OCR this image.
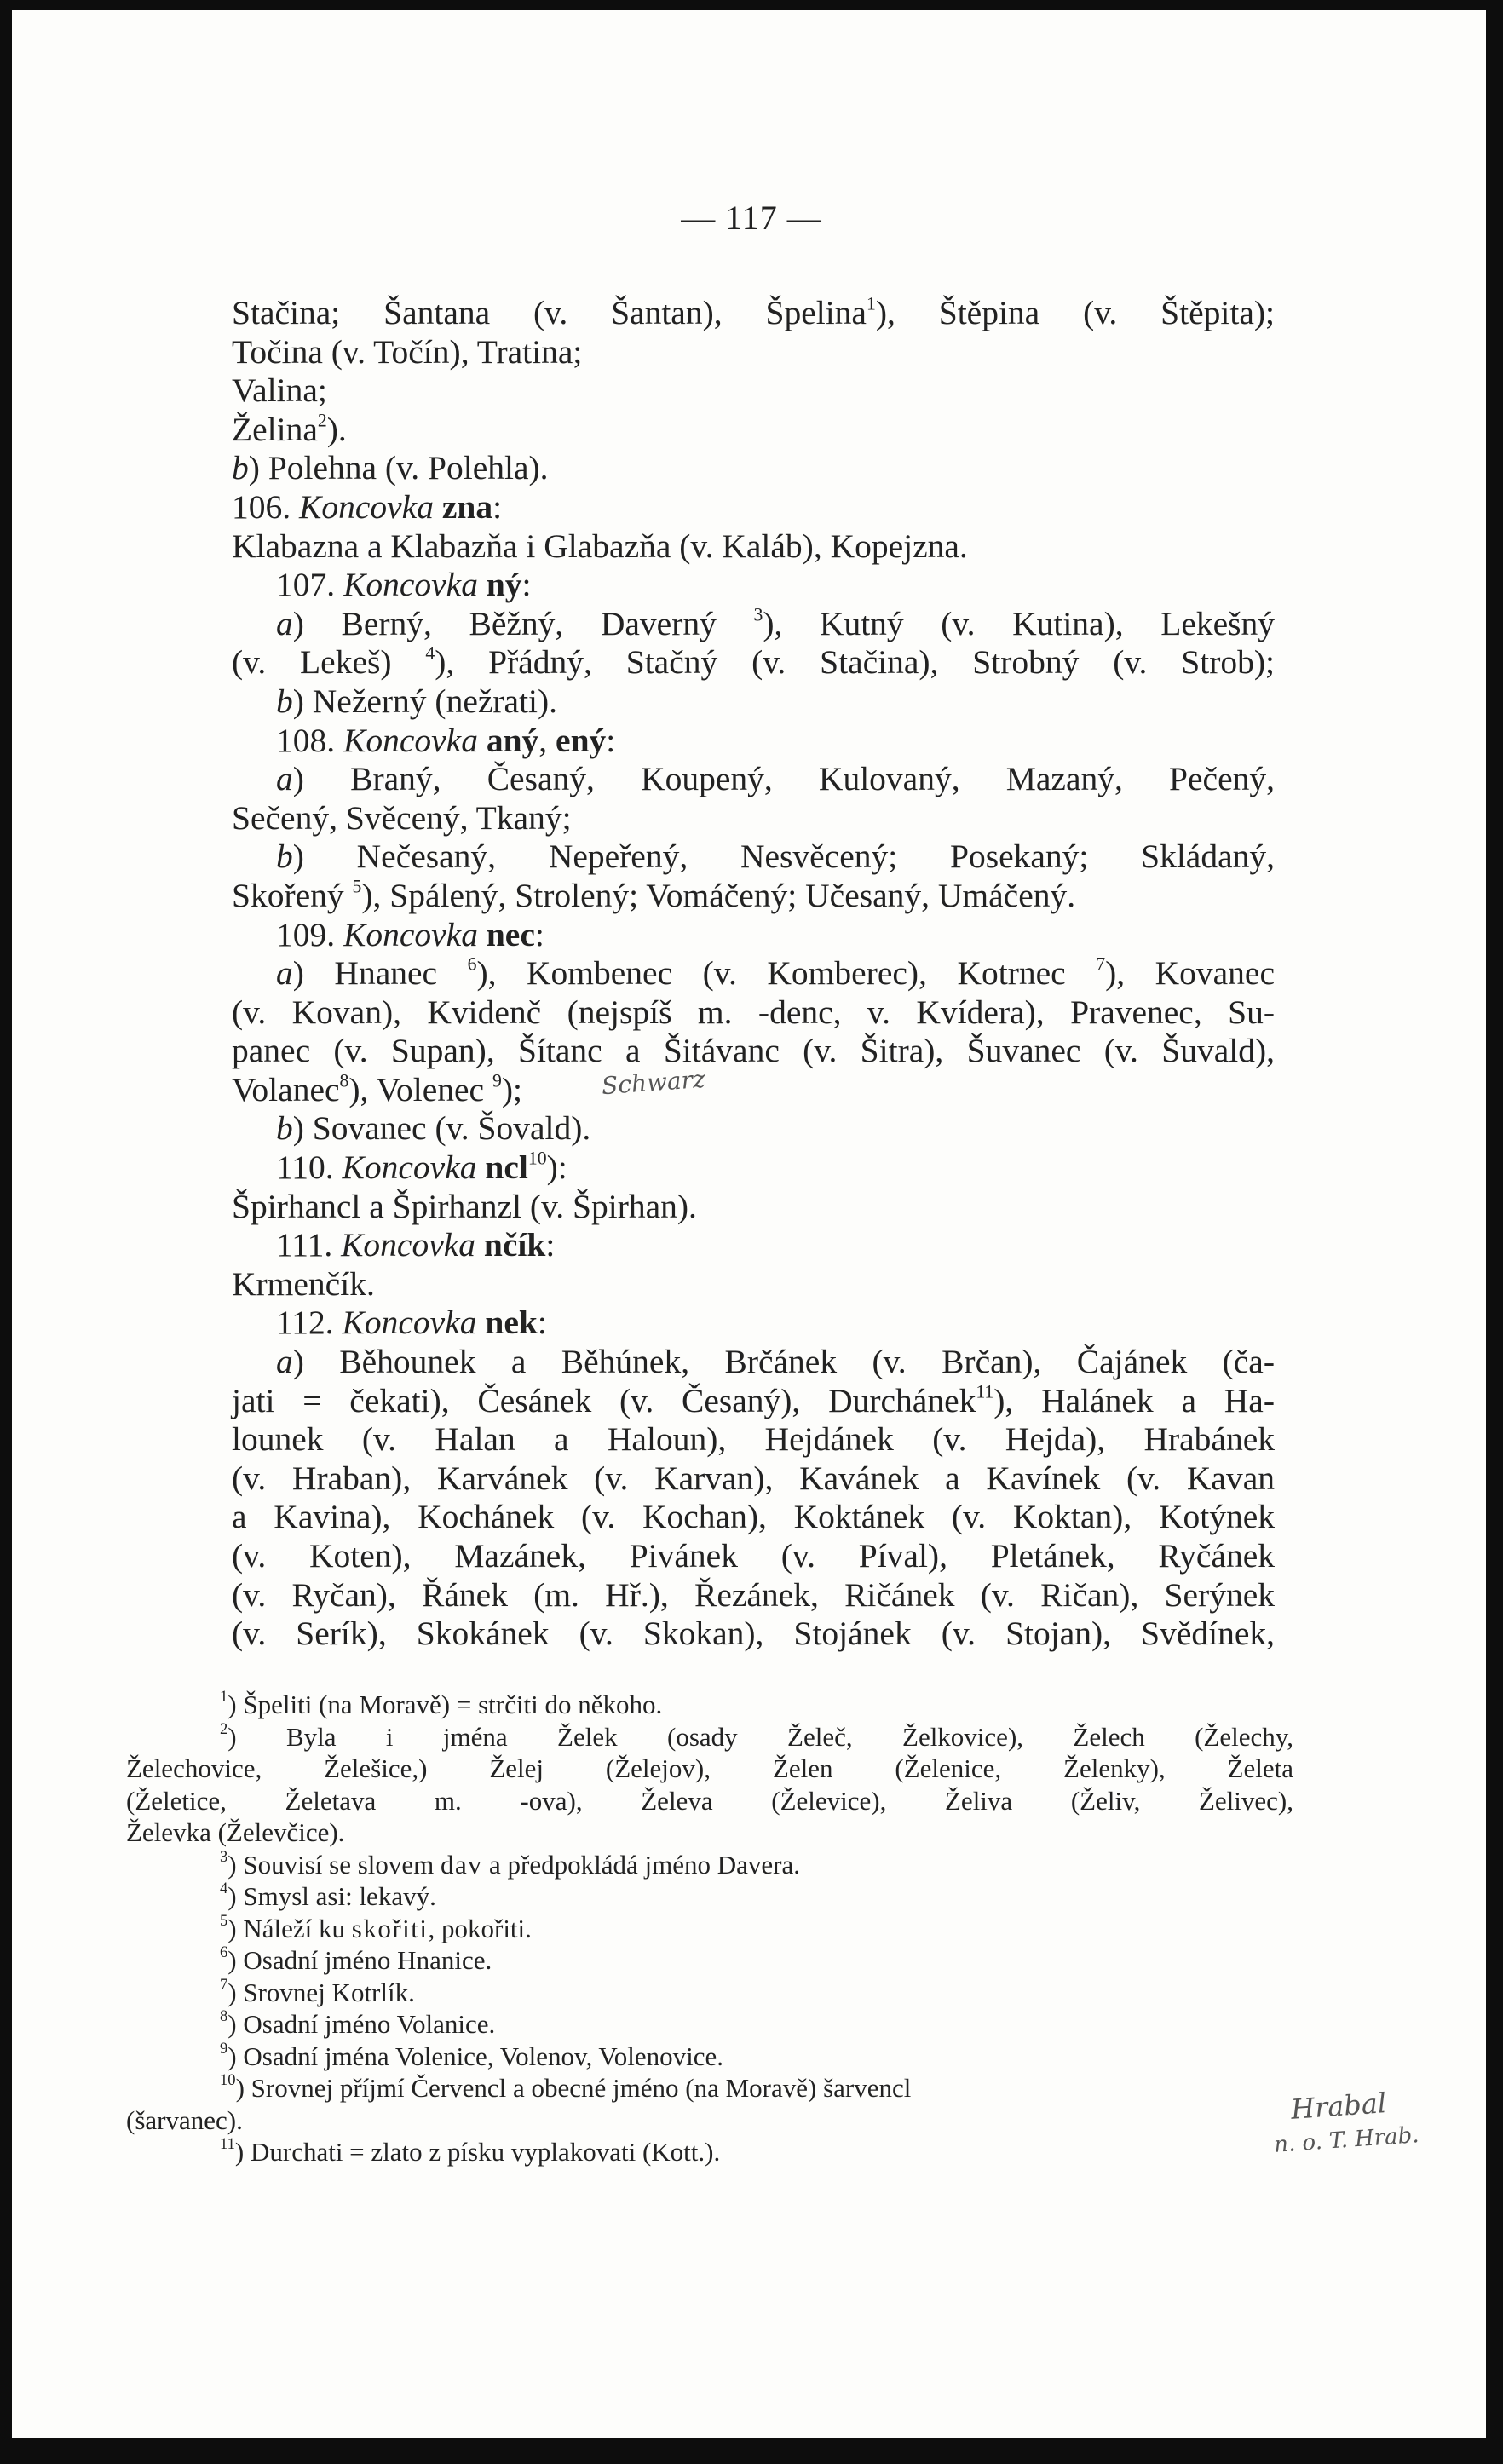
— 117 —
Stačina; Šantana (v. Šantan), Špelina$^1$), Štěpina (v. Štěpita);
Točina (v. Točín), Tratina;
Valina;
Želina$^2$).
b) Polehna (v. Polehla).
106. Koncovka zna:
Klabazna a Klabazňa i Glabazňa (v. Kaláb), Kopejzna.
107. Koncovka ný:
a) Berný, Běžný, Daverný $^3$), Kutný (v. Kutina), Lekešný
(v. Lekeš) $^4$), Přádný, Stačný (v. Stačina), Strobný (v. Strob);
b) Nežerný (nežrati).
108. Koncovka aný, ený:
a) Braný, Česaný, Koupený, Kulovaný, Mazaný, Pečený,
Sečený, Svěcený, Tkaný;
b) Nečesaný, Nepeřený, Nesvěcený; Posekaný; Skládaný,
Skořený $^5$), Spálený, Strolený; Vomáčený; Učesaný, Umáčený.
109. Koncovka nec:
a) Hnanec $^6$), Kombenec (v. Komberec), Kotrnec $^7$), Kovanec
(v. Kovan), Kvidenč (nejspíš m. -denc, v. Kvídera), Pravenec, Su-
panec (v. Supan), Šítanc a Šitávanc (v. Šitra), Šuvanec (v. Šuvald),
Volanec$^8$), Volenec $^9$);
b) Sovanec (v. Šovald).
110. Koncovka ncl$^{10}$):
Špirhancl a Špirhanzl (v. Špirhan).
111. Koncovka nčík:
Krmenčík.
112. Koncovka nek:
a) Běhounek a Běhúnek, Brčánek (v. Brčan), Čajánek (ča-
jati = čekati), Česánek (v. Česaný), Durchánek$^{11}$), Halánek a Ha-
lounek (v. Halan a Haloun), Hejdánek (v. Hejda), Hrabánek
(v. Hraban), Karvánek (v. Karvan), Kavánek a Kavínek (v. Kavan
a Kavina), Kochánek (v. Kochan), Koktánek (v. Koktan), Kotýnek
(v. Koten), Mazánek, Pivánek (v. Píval), Pletánek, Ryčánek
(v. Ryčan), Řánek (m. Hř.), Řezánek, Ričánek (v. Ričan), Serýnek
(v. Serík), Skokánek (v. Skokan), Stojánek (v. Stojan), Svědínek,
$^1$) Špeliti (na Moravě) = strčiti do někoho.
$^2$) Byla i jména Želek (osady Želeč, Želkovice), Želech (Želechy,
Želechovice, Želešice,) Želej (Želejov), Želen (Želenice, Želenky), Želeta
(Želetice, Želetava m. -ova), Želeva (Želevice), Želiva (Želiv, Želivec),
Želevka (Želevčice).
$^3$) Souvisí se slovem dav a předpokládá jméno Davera.
$^4$) Smysl asi: lekavý.
$^5$) Náleží ku skořiti, pokořiti.
$^6$) Osadní jméno Hnanice.
$^7$) Srovnej Kotrlík.
$^8$) Osadní jméno Volanice.
$^9$) Osadní jména Volenice, Volenov, Volenovice.
$^{10}$) Srovnej příjmí Červencl a obecné jméno (na Moravě) šarvencl
(šarvanec).
$^{11}$) Durchati = zlato z písku vyplakovati (Kott.).
Schwarz
Hrabal
n. o. T. Hrab.
